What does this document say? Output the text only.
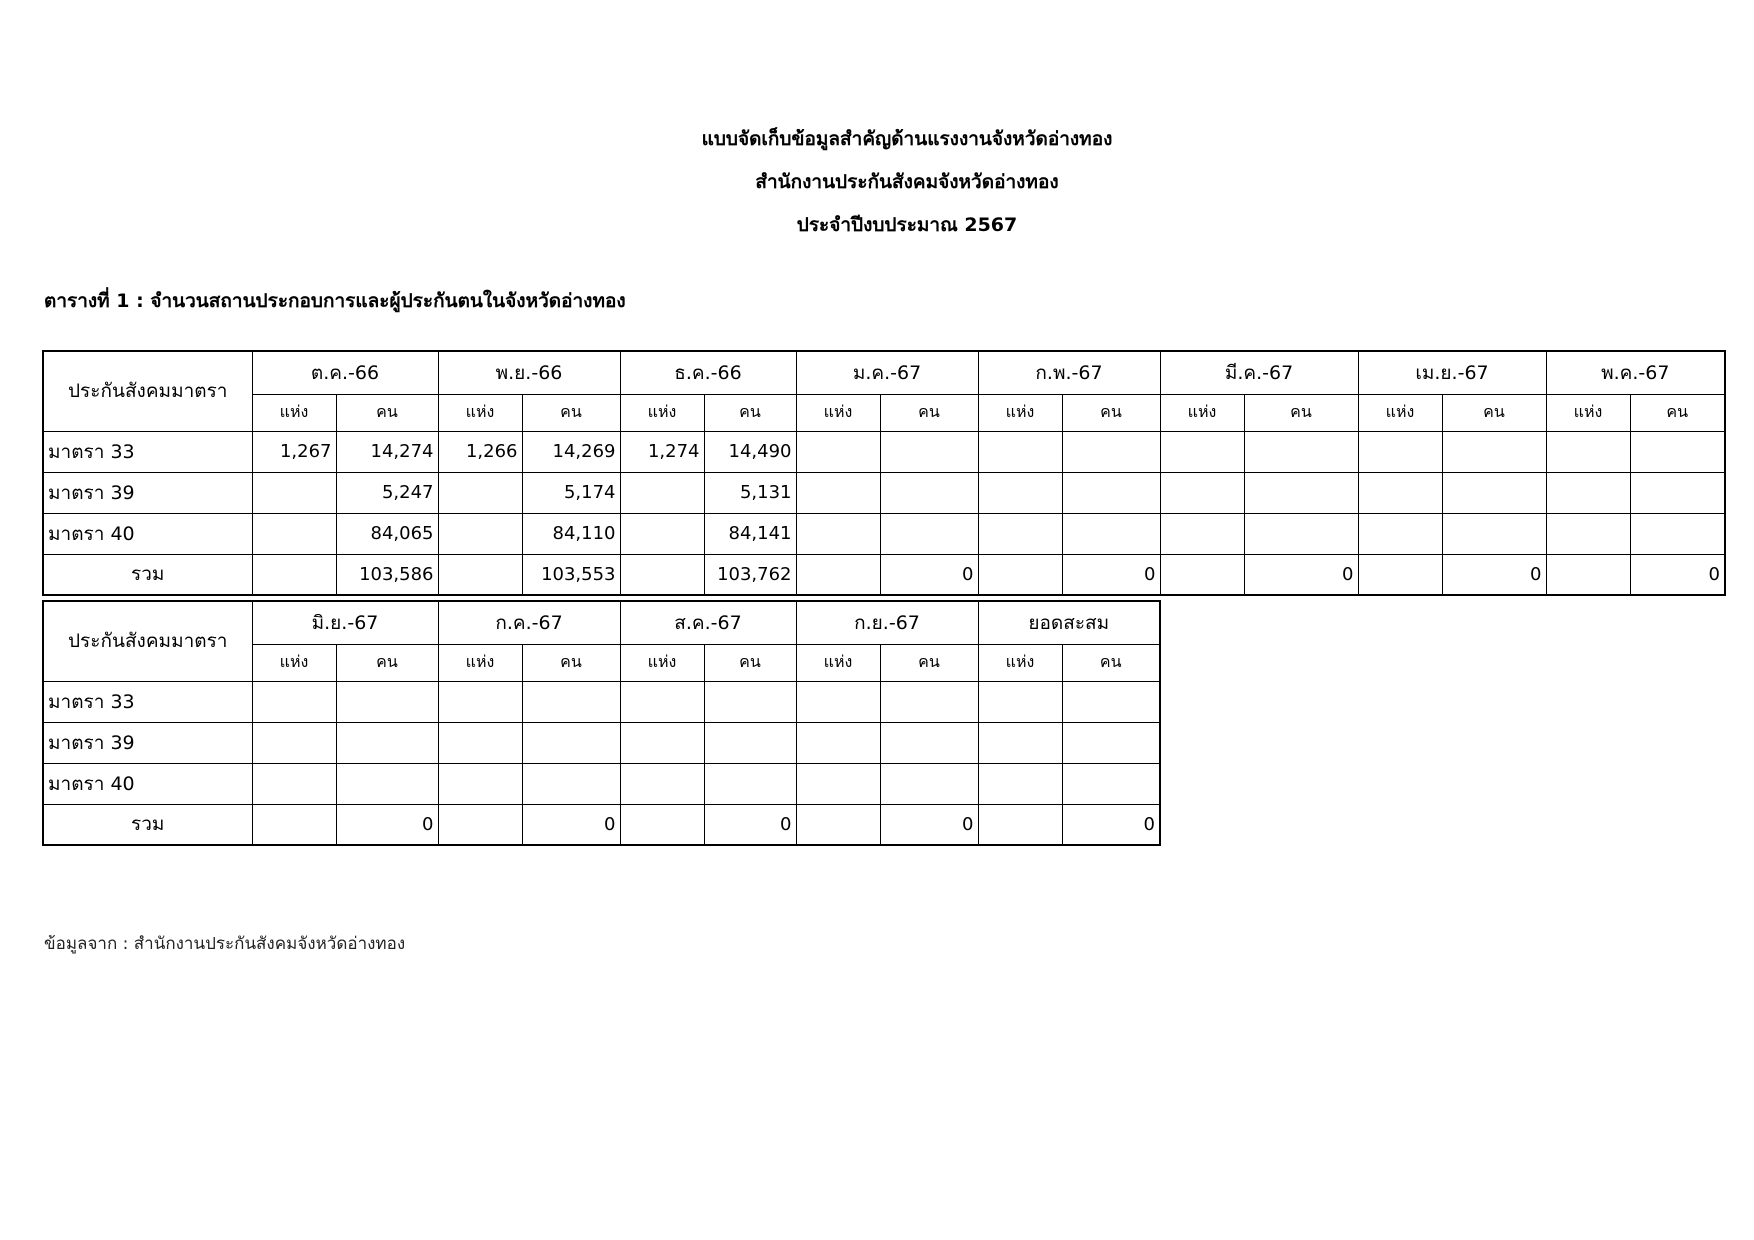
แบบจัดเก็บข้อมูลสำคัญด้านแรงงานจังหวัดอ่างทอง
สำนักงานประกันสังคมจังหวัดอ่างทอง
ประจำปีงบประมาณ 2567
ตารางที่ 1 : จำนวนสถานประกอบการและผู้ประกันตนในจังหวัดอ่างทอง
ประกันสังคมมาตรา	ต.ค.-66		พ.ย.-66		ธ.ค.-66		ม.ค.-67		ก.พ.-67		มี.ค.-67		เม.ย.-67		พ.ค.-67	
	แห่ง	คน	แห่ง	คน	แห่ง	คน	แห่ง	คน	แห่ง	คน	แห่ง	คน	แห่ง	คน	แห่ง	คน
มาตรา 33	1,267	14,274	1,266	14,269	1,274	14,490										
มาตรา 39		5,247		5,174		5,131										
มาตรา 40		84,065		84,110		84,141										
รวม		103,586		103,553		103,762		0		0		0		0		0
ประกันสังคมมาตรา	มิ.ย.-67		ก.ค.-67		ส.ค.-67		ก.ย.-67		ยอดสะสม	
	แห่ง	คน	แห่ง	คน	แห่ง	คน	แห่ง	คน	แห่ง	คน
มาตรา 33										
มาตรา 39										
มาตรา 40										
รวม		0		0		0		0		0
ข้อมูลจาก : สำนักงานประกันสังคมจังหวัดอ่างทอง
